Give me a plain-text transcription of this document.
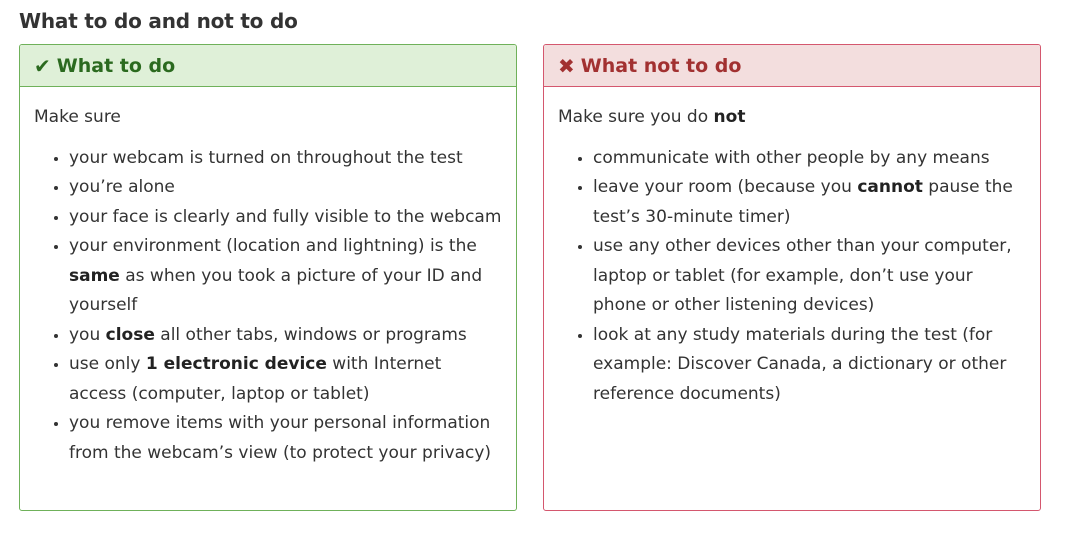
What to do and not to do
✔ What to do

Make sure

• your webcam is turned on throughout the test
• you’re alone
• your face is clearly and fully visible to the webcam
• your environment (location and lightning) is the same as when you took a picture of your ID and yourself
• you close all other tabs, windows or programs
• use only 1 electronic device with Internet access (computer, laptop or tablet)
• you remove items with your personal information from the webcam’s view (to protect your privacy)
✖ What not to do

Make sure you do not

• communicate with other people by any means
• leave your room (because you cannot pause the test’s 30-minute timer)
• use any other devices other than your computer, laptop or tablet (for example, don’t use your phone or other listening devices)
• look at any study materials during the test (for example: Discover Canada, a dictionary or other reference documents)
